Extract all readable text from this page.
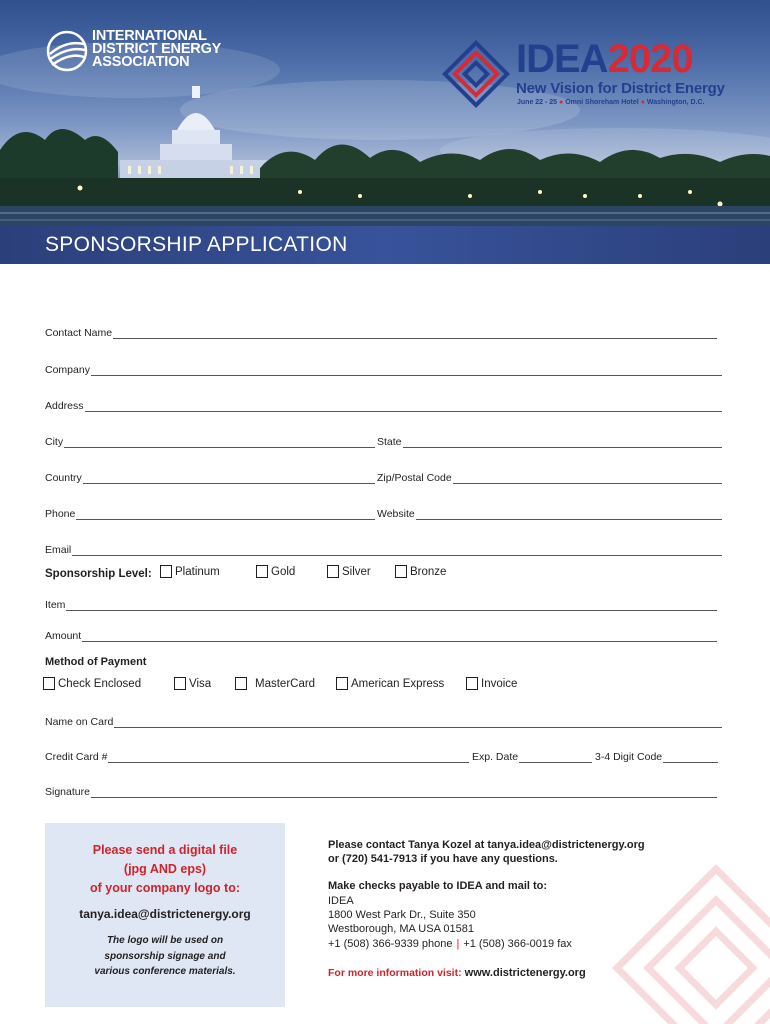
INTERNATIONAL
DISTRICT ENERGY
ASSOCIATION	IDEA2020
New Vision for District Energy
June 22 - 25 ● Omni Shoreham Hotel ● Washington, D.C.
SPONSORSHIP APPLICATION
Contact Name
Company
Address
City	State
Country	Zip/Postal Code
Phone	Website
Email
Sponsorship Level: Platinum	Gold	Silver	Bronze
Item
Amount
Method of Payment
Check Enclosed	Visa	MasterCard	American Express	Invoice
Name on Card
Credit Card #	Exp. Date	3-4 Digit Code
Signature
Please send a digital file
(jpg AND eps)
of your company logo to:
tanya.idea@districtenergy.org
The logo will be used on
sponsorship signage and
various conference materials.
Please contact Tanya Kozel at tanya.idea@districtenergy.org
or (720) 541-7913 if you have any questions.
Make checks payable to IDEA and mail to:
IDEA
1800 West Park Dr., Suite 350
Westborough, MA USA 01581
+1 (508) 366-9339 phone | +1 (508) 366-0019 fax
For more information visit: www.districtenergy.org
